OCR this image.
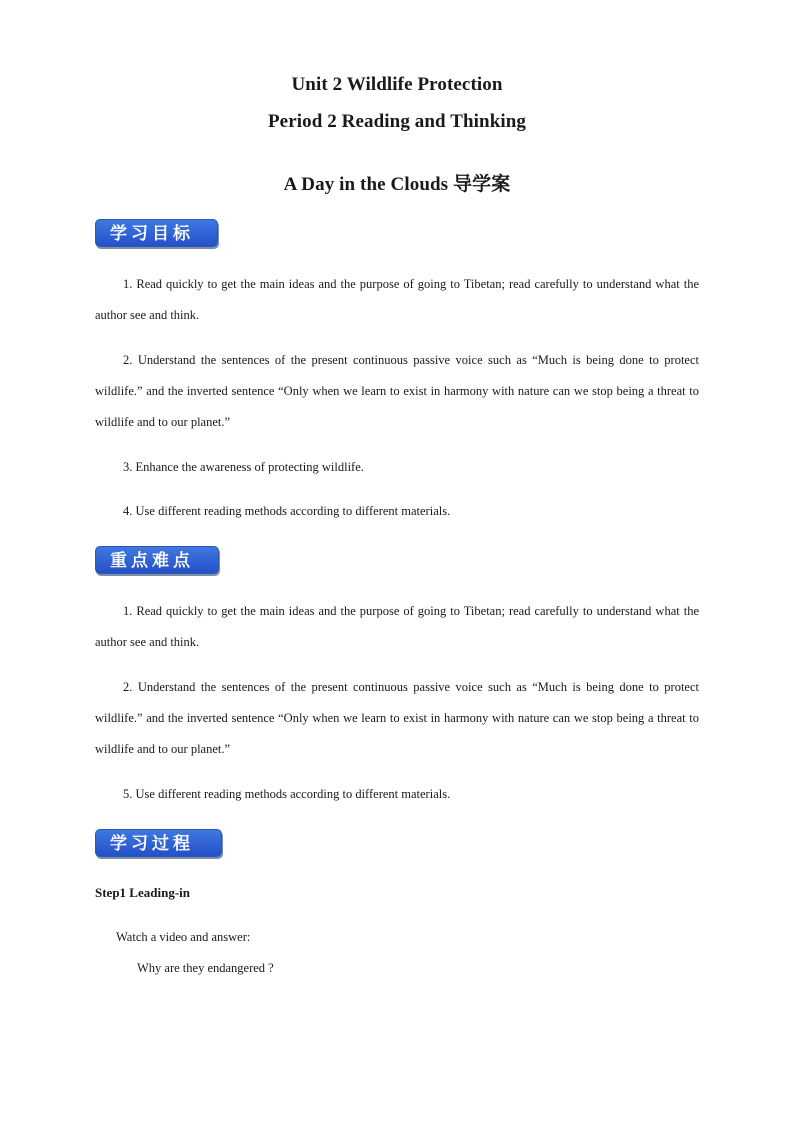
Unit 2 Wildlife Protection
Period 2 Reading and Thinking
A Day in the Clouds 导学案
学习目标

1. Read quickly to get the main ideas and the purpose of going to Tibetan; read carefully to understand what the author see and think.

2. Understand the sentences of the present continuous passive voice such as “Much is being done to protect wildlife.” and the inverted sentence “Only when we learn to exist in harmony with nature can we stop being a threat to wildlife and to our planet.”

3. Enhance the awareness of protecting wildlife.

4. Use different reading methods according to different materials.

重点难点

1. Read quickly to get the main ideas and the purpose of going to Tibetan; read carefully to understand what the author see and think.

2. Understand the sentences of the present continuous passive voice such as “Much is being done to protect wildlife.” and the inverted sentence “Only when we learn to exist in harmony with nature can we stop being a threat to wildlife and to our planet.”

5. Use different reading methods according to different materials.

学习过程
Step1 Leading-in
Watch a video and answer:
Why are they endangered ?
